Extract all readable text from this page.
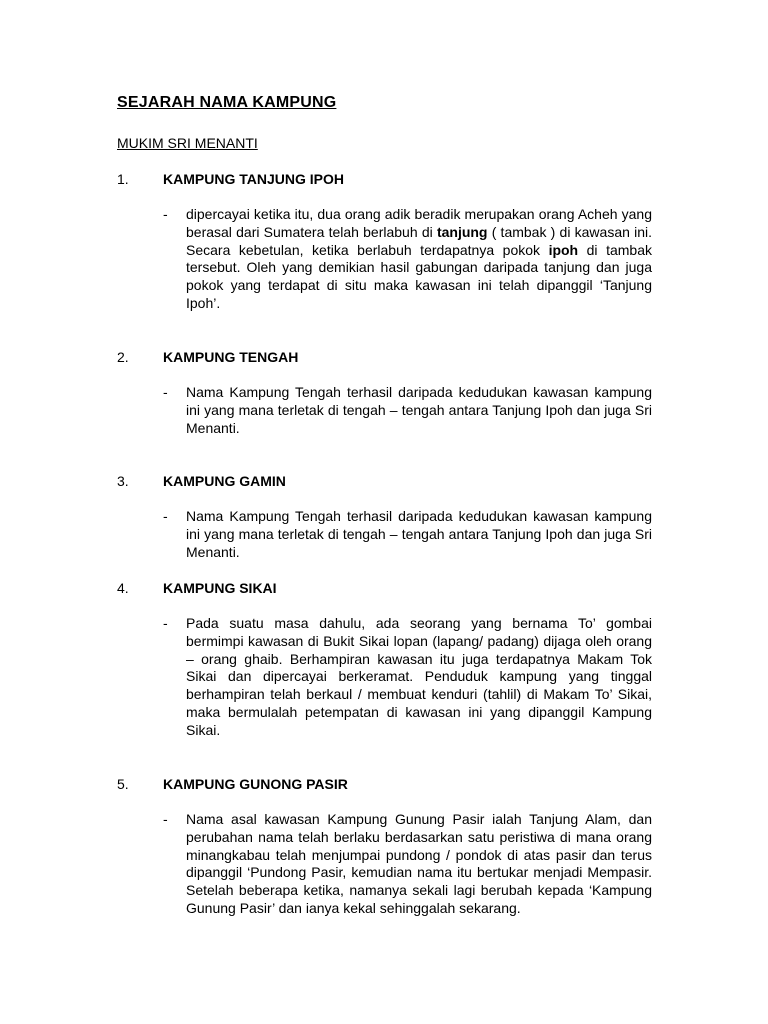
SEJARAH NAMA KAMPUNG
MUKIM SRI MENANTI
1.	KAMPUNG TANJUNG IPOH
- dipercayai ketika itu, dua orang adik beradik merupakan orang Acheh yang berasal dari Sumatera telah berlabuh di tanjung ( tambak ) di kawasan ini. Secara kebetulan, ketika berlabuh terdapatnya pokok ipoh di tambak tersebut. Oleh yang demikian hasil gabungan daripada tanjung dan juga pokok yang terdapat di situ maka kawasan ini telah dipanggil ‘Tanjung Ipoh’.
2.	KAMPUNG TENGAH
- Nama Kampung Tengah terhasil daripada kedudukan kawasan kampung ini yang mana terletak di tengah – tengah antara Tanjung Ipoh dan juga Sri Menanti.
3.	KAMPUNG GAMIN
- Nama Kampung Tengah terhasil daripada kedudukan kawasan kampung ini yang mana terletak di tengah – tengah antara Tanjung Ipoh dan juga Sri Menanti.
4.	KAMPUNG SIKAI
- Pada suatu masa dahulu, ada seorang yang bernama To’ gombai bermimpi kawasan di Bukit Sikai lopan (lapang/ padang) dijaga oleh orang – orang ghaib. Berhampiran kawasan itu juga terdapatnya Makam Tok Sikai dan dipercayai berkeramat. Penduduk kampung yang tinggal berhampiran telah berkaul / membuat kenduri (tahlil) di Makam To’ Sikai, maka bermulalah petempatan di kawasan ini yang dipanggil Kampung Sikai.
5.	KAMPUNG GUNONG PASIR
- Nama asal kawasan Kampung Gunung Pasir ialah Tanjung Alam, dan perubahan nama telah berlaku berdasarkan satu peristiwa di mana orang minangkabau telah menjumpai pundong / pondok di atas pasir dan terus dipanggil ‘Pundong Pasir, kemudian nama itu bertukar menjadi Mempasir. Setelah beberapa ketika, namanya sekali lagi berubah kepada ‘Kampung Gunung Pasir’ dan ianya kekal sehinggalah sekarang.
